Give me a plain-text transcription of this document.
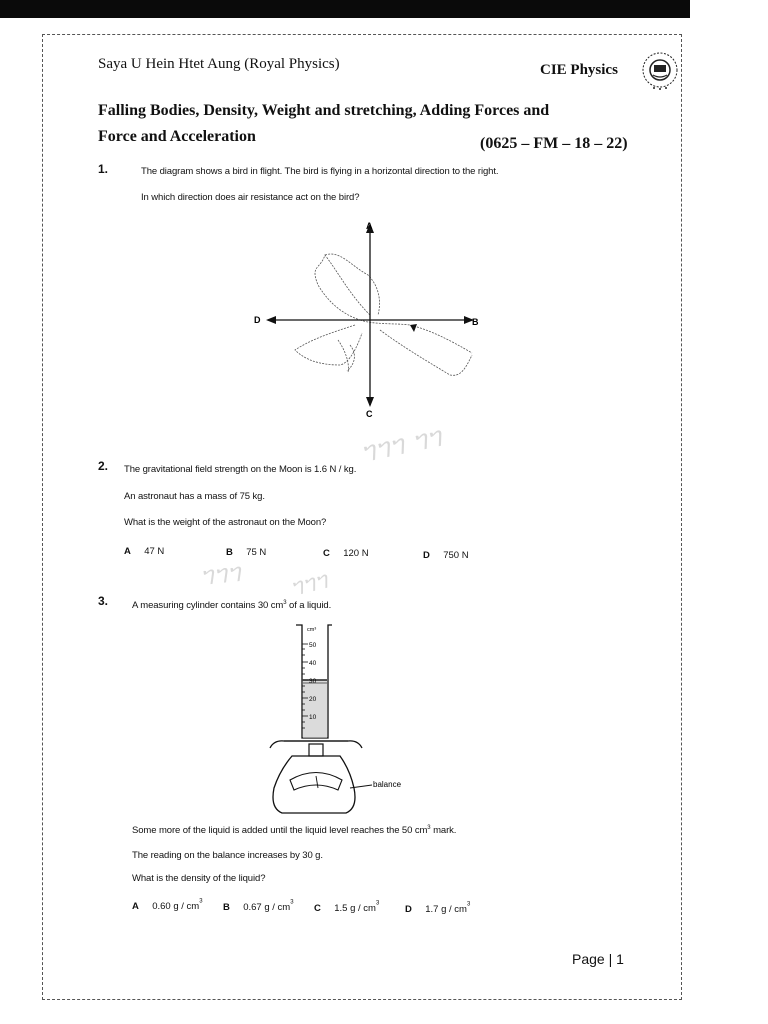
Saya U Hein Htet Aung (Royal Physics)	CIE Physics
Falling Bodies, Density, Weight and stretching, Adding Forces and
Force and Acceleration	(0625 – FM – 18 – 22)
1.	The diagram shows a bird in flight. The bird is flying in a horizontal direction to the right.
In which direction does air resistance act on the bird?
A
B
C
D
ᥐᥐᥐ ᥐᥐ
2. The gravitational field strength on the Moon is 1.6 N / kg.
An astronaut has a mass of 75 kg.
What is the weight of the astronaut on the Moon?
A 47 N	B 75 N	C 120 N	D 750 N
ᥐᥐᥐ ᥐᥐᥐ
3.	A measuring cylinder contains 30 $cm^3$ of a liquid.
cm³
50
40
30
20
10
balance
Some more of the liquid is added until the liquid level reaches the 50 $cm^3$ mark.
The reading on the balance increases by 30 g.
What is the density of the liquid?
A 0.60 g / $cm^3$
B 0.67 g / $cm^3$
C 1.5 g / $cm^3$
D 1.7 g / $cm^3$
Page | 1
